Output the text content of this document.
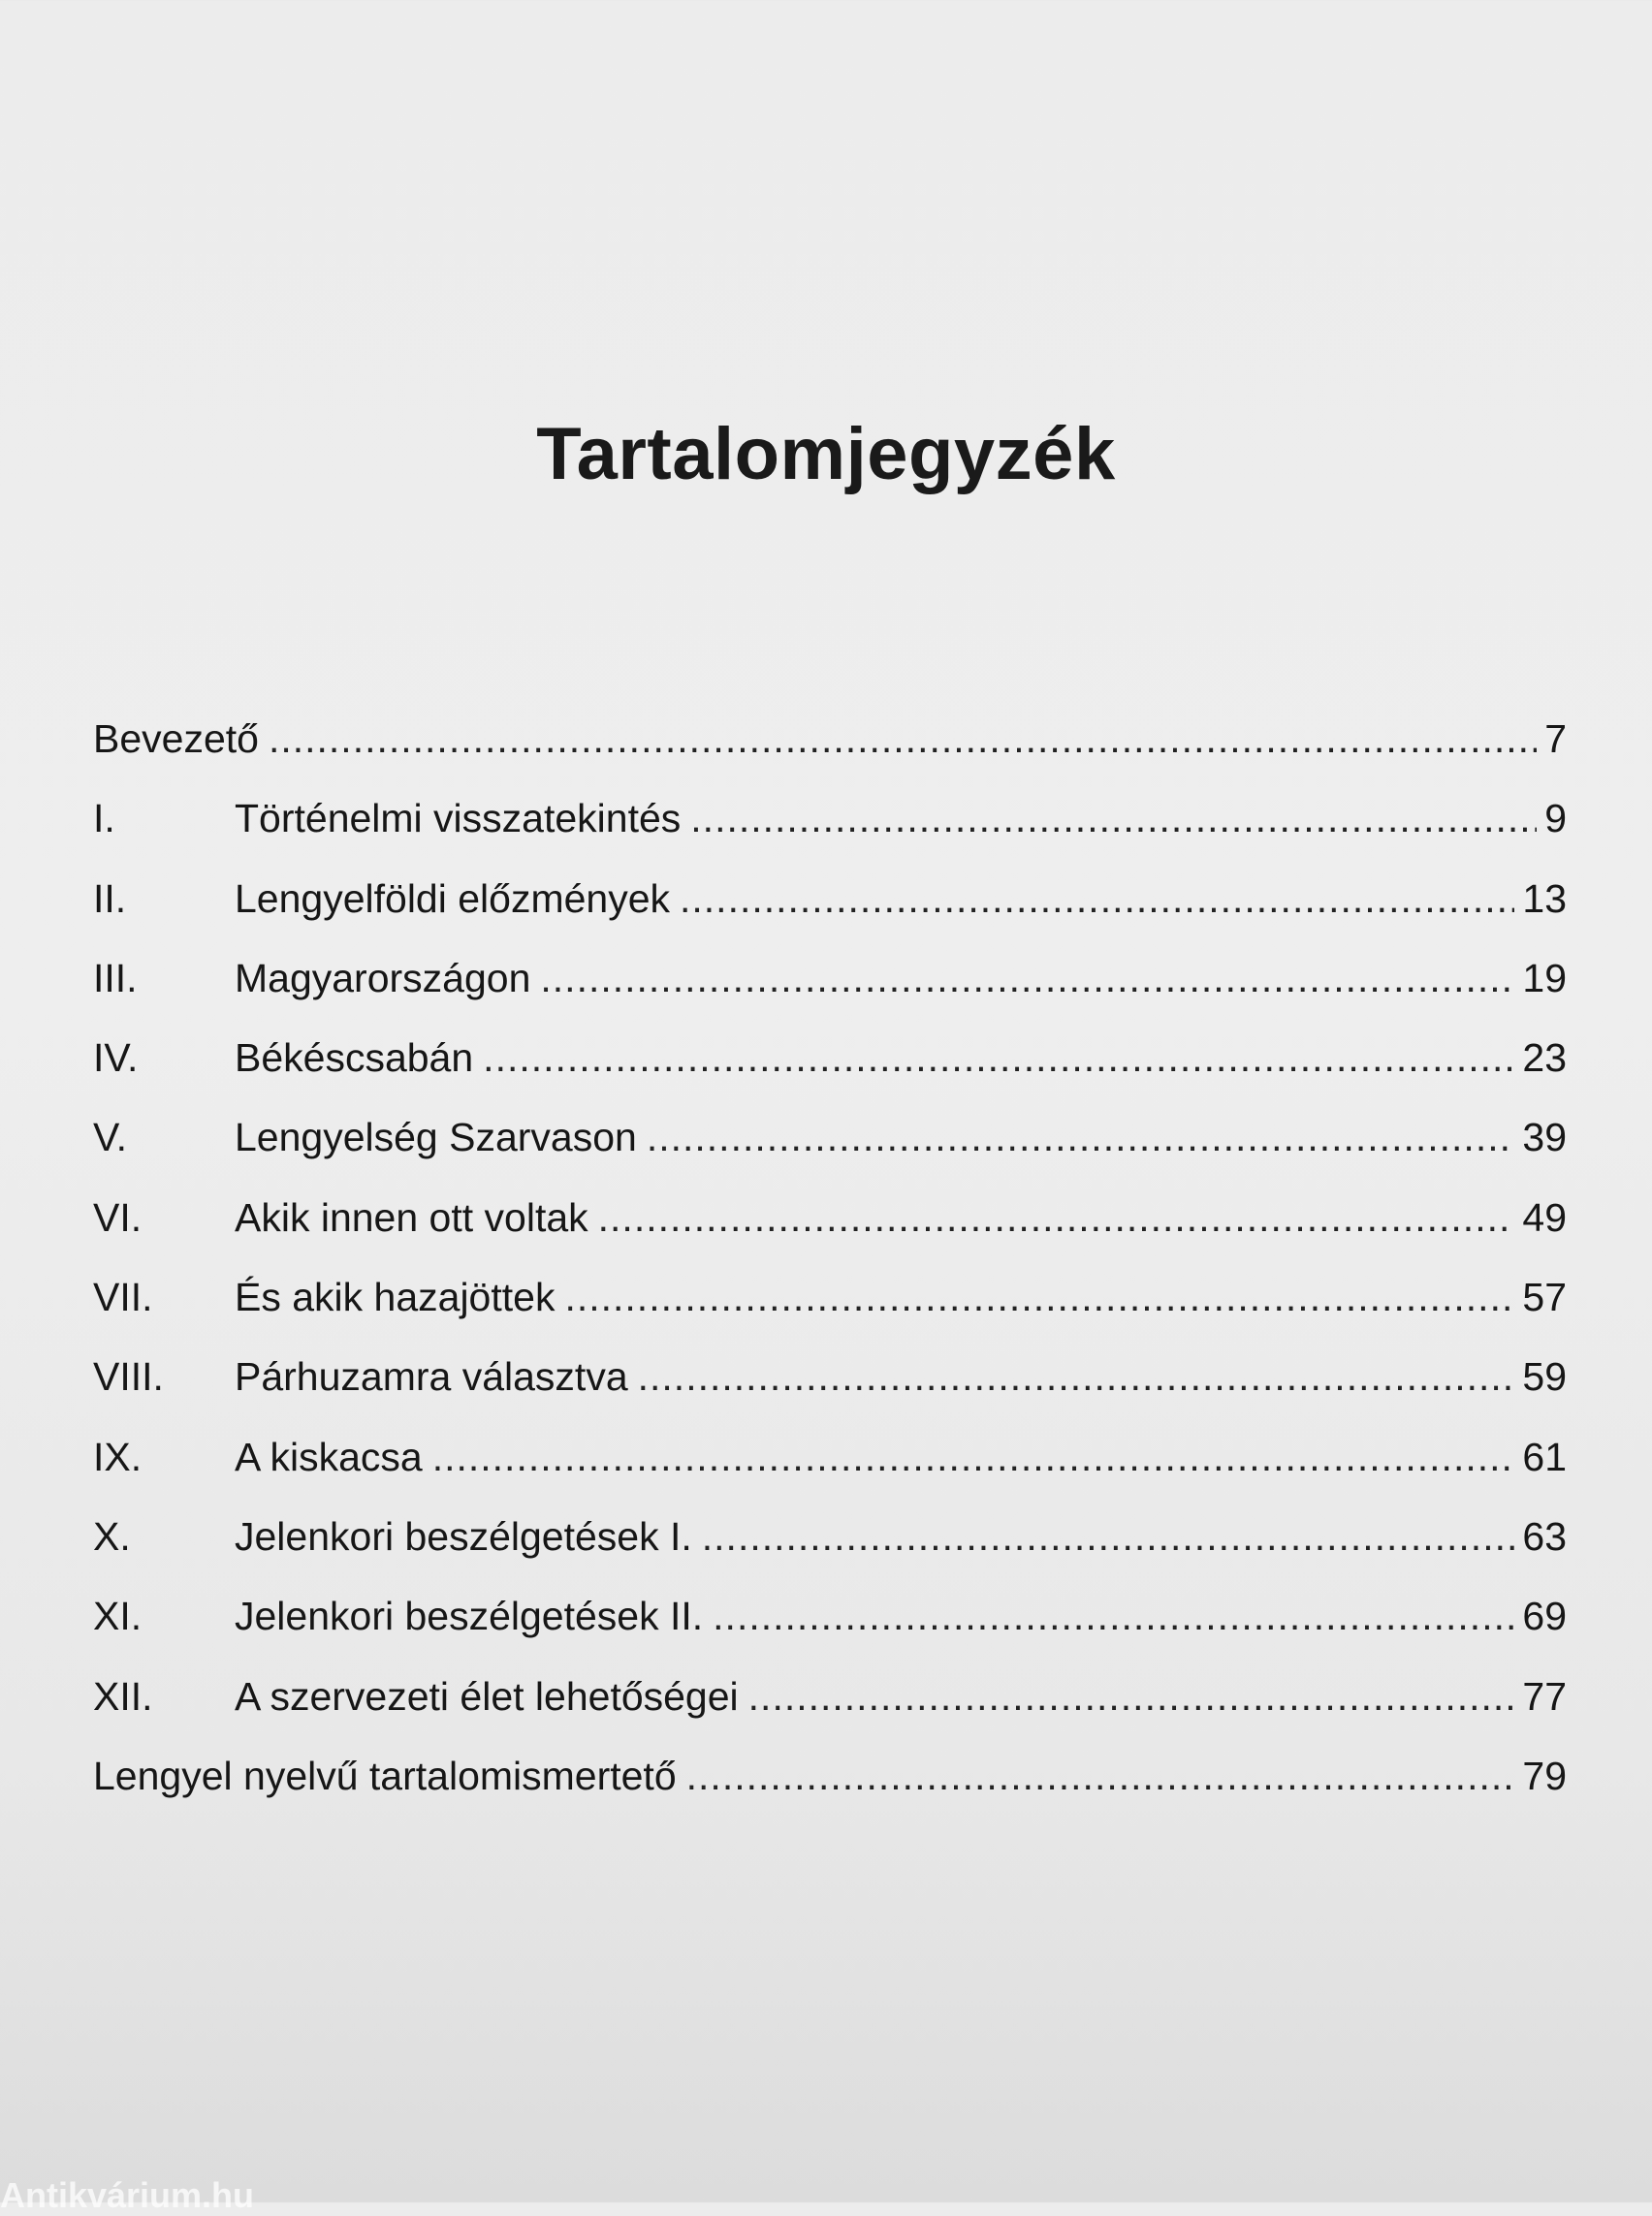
Tartalomjegyzék
Bevezető .....	7
I.	Történelmi visszatekintés .....	9
II.	Lengyelföldi előzmények .....	13
III.	Magyarországon .....	19
IV.	Békéscsabán .....	23
V.	Lengyelség Szarvason .....	39
VI.	Akik innen ott voltak .....	49
VII.	És akik hazajöttek .....	57
VIII.	Párhuzamra választva .....	59
IX.	A kiskacsa .....	61
X.	Jelenkori beszélgetések I. .....	63
XI.	Jelenkori beszélgetések II. .....	69
XII.	A szervezeti élet lehetőségei .....	77
Lengyel nyelvű tartalomismertető .....	79
Antikvárium.hu
